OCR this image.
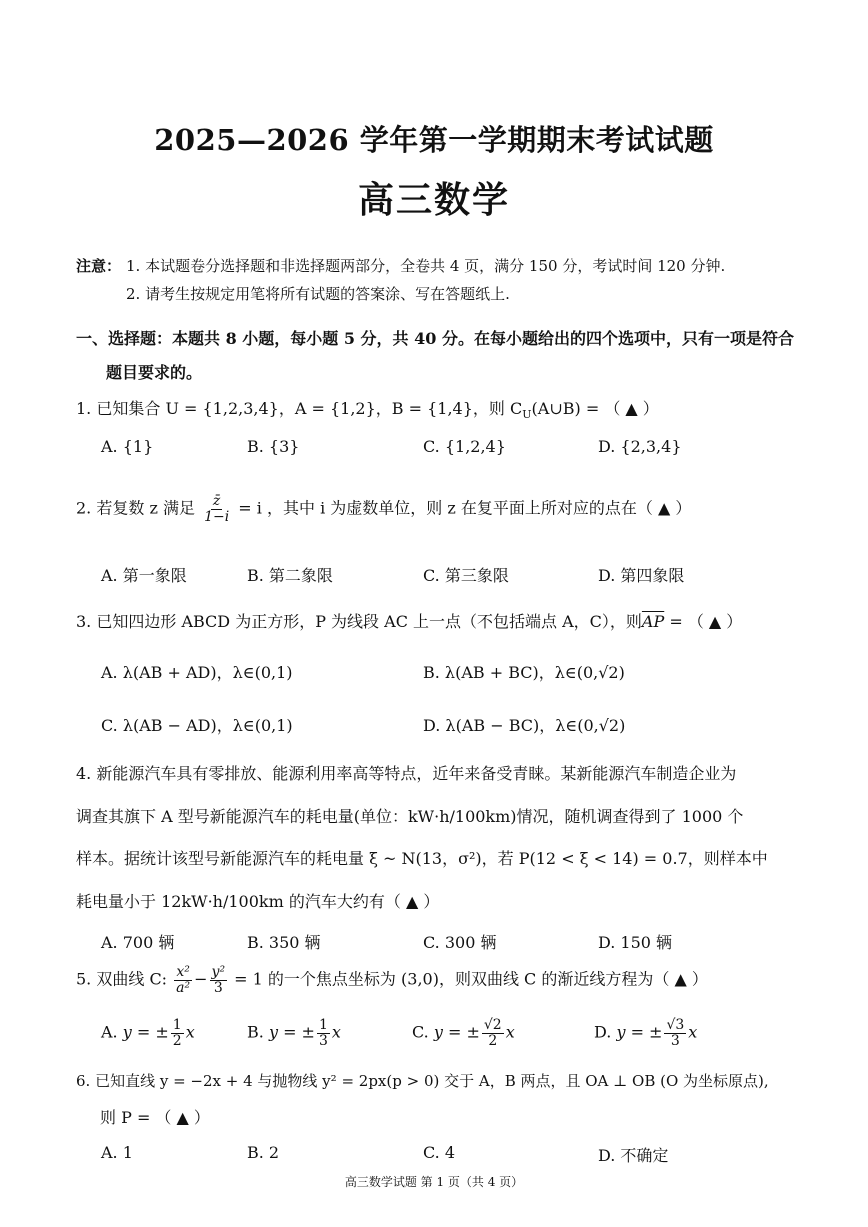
2025—2026 学年第一学期期末考试试题
高三数学
注意： 1. 本试题卷分选择题和非选择题两部分，全卷共 4 页，满分 150 分，考试时间 120 分钟.
2. 请考生按规定用笔将所有试题的答案涂、写在答题纸上.
一、选择题：本题共 8 小题，每小题 5 分，共 40 分。在每小题给出的四个选项中，只有一项是符合
题目要求的。
1. 已知集合 U = {1,2,3,4}，A = {1,2}，B = {1,4}，则 $C_U(A\cup B)$ = （ ▲ ）
A. {1}	B. {3}	C. {1,2,4}	D. {2,3,4}
2. 若复数 z 满足 $\frac{z̄}{1-i} = i$ ，其中 i 为虚数单位，则 z 在复平面上所对应的点在（ ▲ ）
A. 第一象限	B. 第二象限	C. 第三象限	D. 第四象限
3. 已知四边形 ABCD 为正方形，P 为线段 AC 上一点（不包括端点 A，C），则$\overline{AP}$ = （ ▲ ）
A. λ(AB + AD)，λ∈(0,1)	B. λ(AB + BC)，λ∈(0,√2)
C. λ(AB − AD)，λ∈(0,1)	D. λ(AB − BC)，λ∈(0,√2)
4. 新能源汽车具有零排放、能源利用率高等特点，近年来备受青睐。某新能源汽车制造企业为
调查其旗下 A 型号新能源汽车的耗电量(单位：kW·h/100km)情况，随机调查得到了 1000 个
样本。据统计该型号新能源汽车的耗电量 ξ ~ N(13，σ²)，若 P(12 < ξ < 14) = 0.7，则样本中
耗电量小于 12kW·h/100km 的汽车大约有（ ▲ ）
A. 700 辆	B. 350 辆	C. 300 辆	D. 150 辆
5. 双曲线 C: $\frac{\text{x²}}{\text{a²}} - \frac{\text{y²}}{3} = 1$ 的一个焦点坐标为 (3,0)，则双曲线 C 的渐近线方程为（ ▲ ）
A. y = ± $\frac{1}{2}$ x	B. y = ± $\frac{1}{3}$ x	C. y = ± $\frac{√2}{2}$ x	D. y = ± $\frac{√3}{3}$ x
6. 已知直线 y = −2x + 4 与抛物线 y² = 2px(p > 0) 交于 A，B 两点，且 OA ⊥ OB (O 为坐标原点),
则 P = （ ▲ ）
A. 1	B. 2	C. 4	D. 不确定
高三数学试题 第 1 页（共 4 页）
